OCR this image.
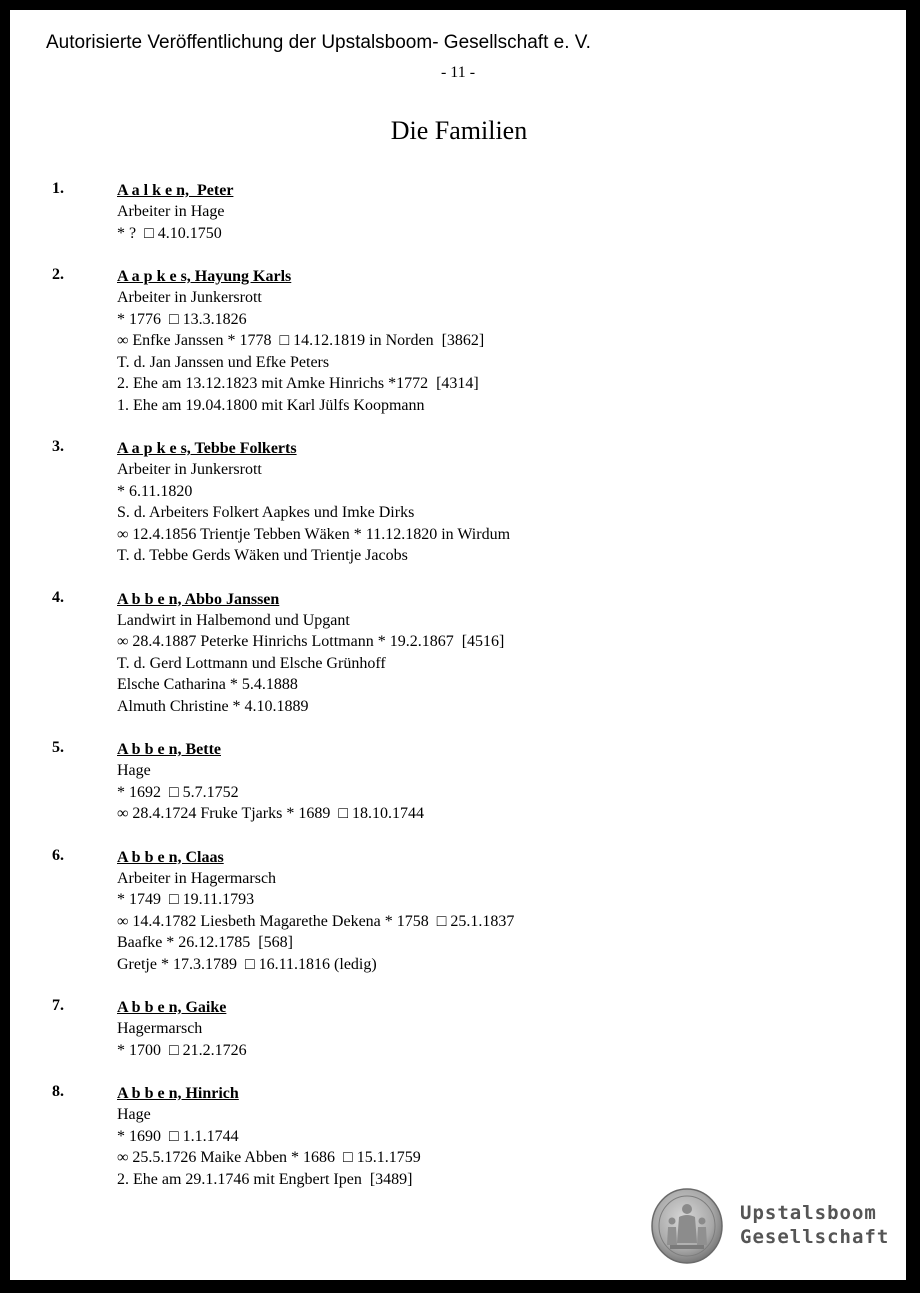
Autorisierte Veröffentlichung der Upstalsboom- Gesellschaft e. V.
- 11 -
Die Familien
1.	A a l k e n,  Peter
Arbeiter in Hage
* ?  □ 4.10.1750
2.	A a p k e s, Hayung Karls
Arbeiter in Junkersrott
* 1776  □ 13.3.1826
∞ Enfke Janssen * 1778  □ 14.12.1819 in Norden  [3862]
T. d. Jan Janssen und Efke Peters
2. Ehe am 13.12.1823 mit Amke Hinrichs *1772  [4314]
1. Ehe am 19.04.1800 mit Karl Jülfs Koopmann
3.	A a p k e s, Tebbe Folkerts
Arbeiter in Junkersrott
* 6.11.1820
S. d. Arbeiters Folkert Aapkes und Imke Dirks
∞ 12.4.1856 Trientje Tebben Wäken * 11.12.1820 in Wirdum
T. d. Tebbe Gerds Wäken und Trientje Jacobs
4.	A b b e n, Abbo Janssen
Landwirt in Halbemond und Upgant
∞ 28.4.1887 Peterke Hinrichs Lottmann * 19.2.1867  [4516]
T. d. Gerd Lottmann und Elsche Grünhoff
Elsche Catharina * 5.4.1888
Almuth Christine * 4.10.1889
5.	A b b e n, Bette
Hage
* 1692  □ 5.7.1752
∞ 28.4.1724 Fruke Tjarks * 1689  □ 18.10.1744
6.	A b b e n, Claas
Arbeiter in Hagermarsch
* 1749  □ 19.11.1793
∞ 14.4.1782 Liesbeth Magarethe Dekena * 1758  □ 25.1.1837
Baafke * 26.12.1785  [568]
Gretje * 17.3.1789  □ 16.11.1816 (ledig)
7.	A b b e n, Gaike
Hagermarsch
* 1700  □ 21.2.1726
8.	A b b e n, Hinrich
Hage
* 1690  □ 1.1.1744
∞ 25.5.1726 Maike Abben * 1686  □ 15.1.1759
2. Ehe am 29.1.1746 mit Engbert Ipen  [3489]
Upstalsboom
Gesellschaft
